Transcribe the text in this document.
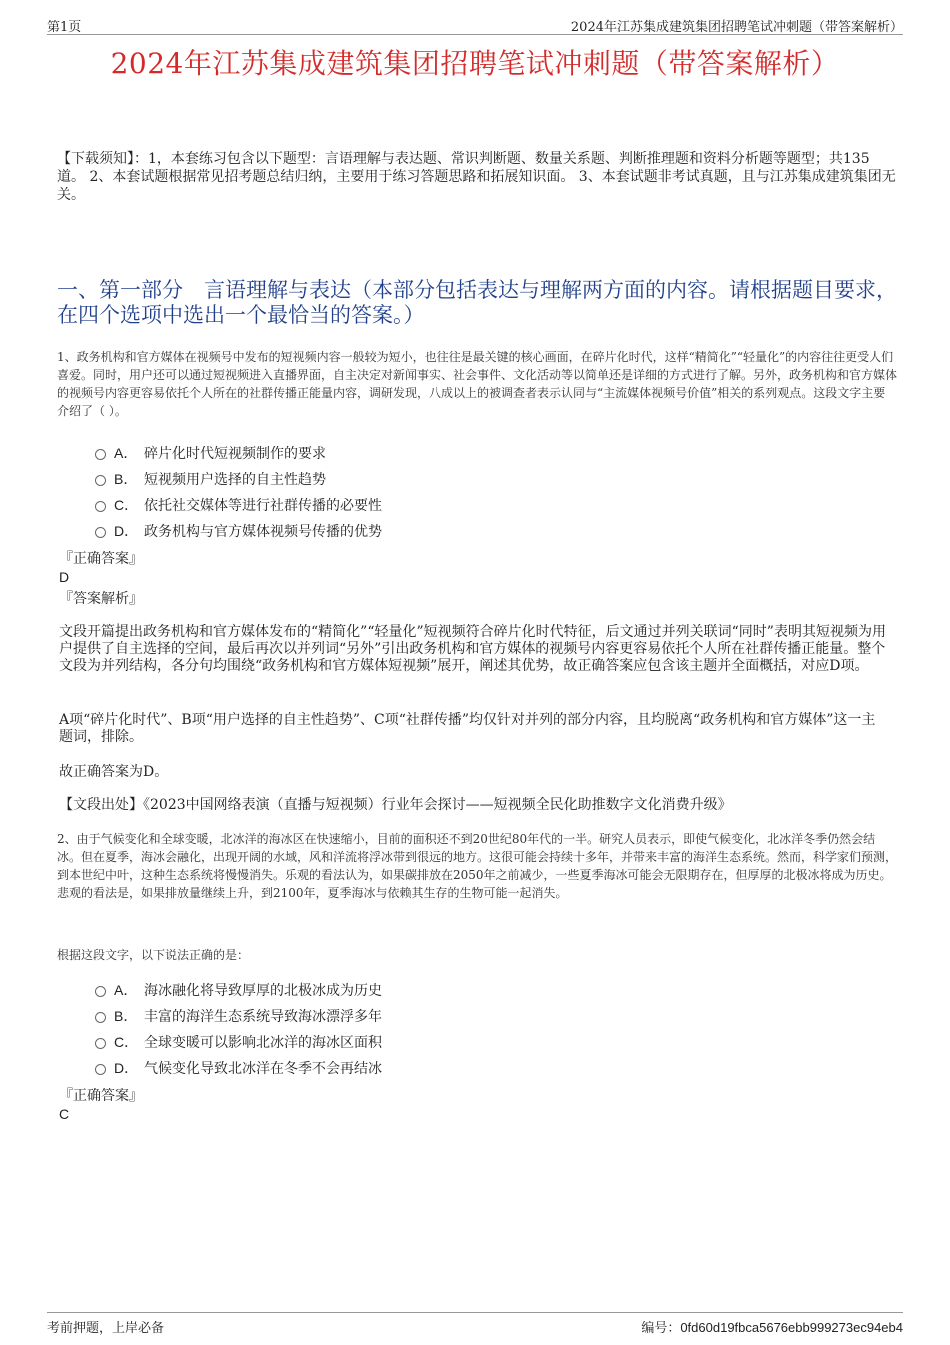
第1页	2024年江苏集成建筑集团招聘笔试冲刺题（带答案解析）
2024年江苏集成建筑集团招聘笔试冲刺题（带答案解析）
【下载须知】：1，本套练习包含以下题型：言语理解与表达题、常识判断题、数量关系题、判断推理题和资料分析题等题型；共135道。 2、本套试题根据常见招考题总结归纳，主要用于练习答题思路和拓展知识面。 3、本套试题非考试真题，且与江苏集成建筑集团无关。
一、第一部分　言语理解与表达（本部分包括表达与理解两方面的内容。请根据题目要求，在四个选项中选出一个最恰当的答案。）
1、政务机构和官方媒体在视频号中发布的短视频内容一般较为短小，也往往是最关键的核心画面，在碎片化时代，这样“精简化”“轻量化”的内容往往更受人们喜爱。同时，用户还可以通过短视频进入直播界面，自主决定对新闻事实、社会事件、文化活动等以简单还是详细的方式进行了解。另外，政务机构和官方媒体的视频号内容更容易依托个人所在的社群传播正能量内容，调研发现，八成以上的被调查者表示认同与“主流媒体视频号价值”相关的系列观点。这段文字主要介绍了（ ）。
A． 碎片化时代短视频制作的要求
B． 短视频用户选择的自主性趋势
C． 依托社交媒体等进行社群传播的必要性
D． 政务机构与官方媒体视频号传播的优势
『正确答案』
D
『答案解析』
文段开篇提出政务机构和官方媒体发布的“精简化”“轻量化”短视频符合碎片化时代特征，后文通过并列关联词“同时”表明其短视频为用户提供了自主选择的空间，最后再次以并列词“另外”引出政务机构和官方媒体的视频号内容更容易依托个人所在社群传播正能量。整个文段为并列结构，各分句均围绕“政务机构和官方媒体短视频”展开，阐述其优势，故正确答案应包含该主题并全面概括，对应D项。
A项“碎片化时代”、B项“用户选择的自主性趋势”、C项“社群传播”均仅针对并列的部分内容，且均脱离“政务机构和官方媒体”这一主题词，排除。
故正确答案为D。
【文段出处】《2023中国网络表演（直播与短视频）行业年会探讨——短视频全民化助推数字文化消费升级》
2、由于气候变化和全球变暖，北冰洋的海冰区在快速缩小，目前的面积还不到20世纪80年代的一半。研究人员表示，即使气候变化，北冰洋冬季仍然会结冰。但在夏季，海冰会融化，出现开阔的水域，风和洋流将浮冰带到很远的地方。这很可能会持续十多年，并带来丰富的海洋生态系统。然而，科学家们预测，到本世纪中叶，这种生态系统将慢慢消失。乐观的看法认为，如果碳排放在2050年之前减少，一些夏季海冰可能会无限期存在，但厚厚的北极冰将成为历史。悲观的看法是，如果排放量继续上升，到2100年，夏季海冰与依赖其生存的生物可能一起消失。
根据这段文字，以下说法正确的是：
A． 海冰融化将导致厚厚的北极冰成为历史
B． 丰富的海洋生态系统导致海冰漂浮多年
C． 全球变暖可以影响北冰洋的海冰区面积
D． 气候变化导致北冰洋在冬季不会再结冰
『正确答案』
C
考前押题，上岸必备	编号：0fd60d19fbca5676ebb999273ec94eb4
